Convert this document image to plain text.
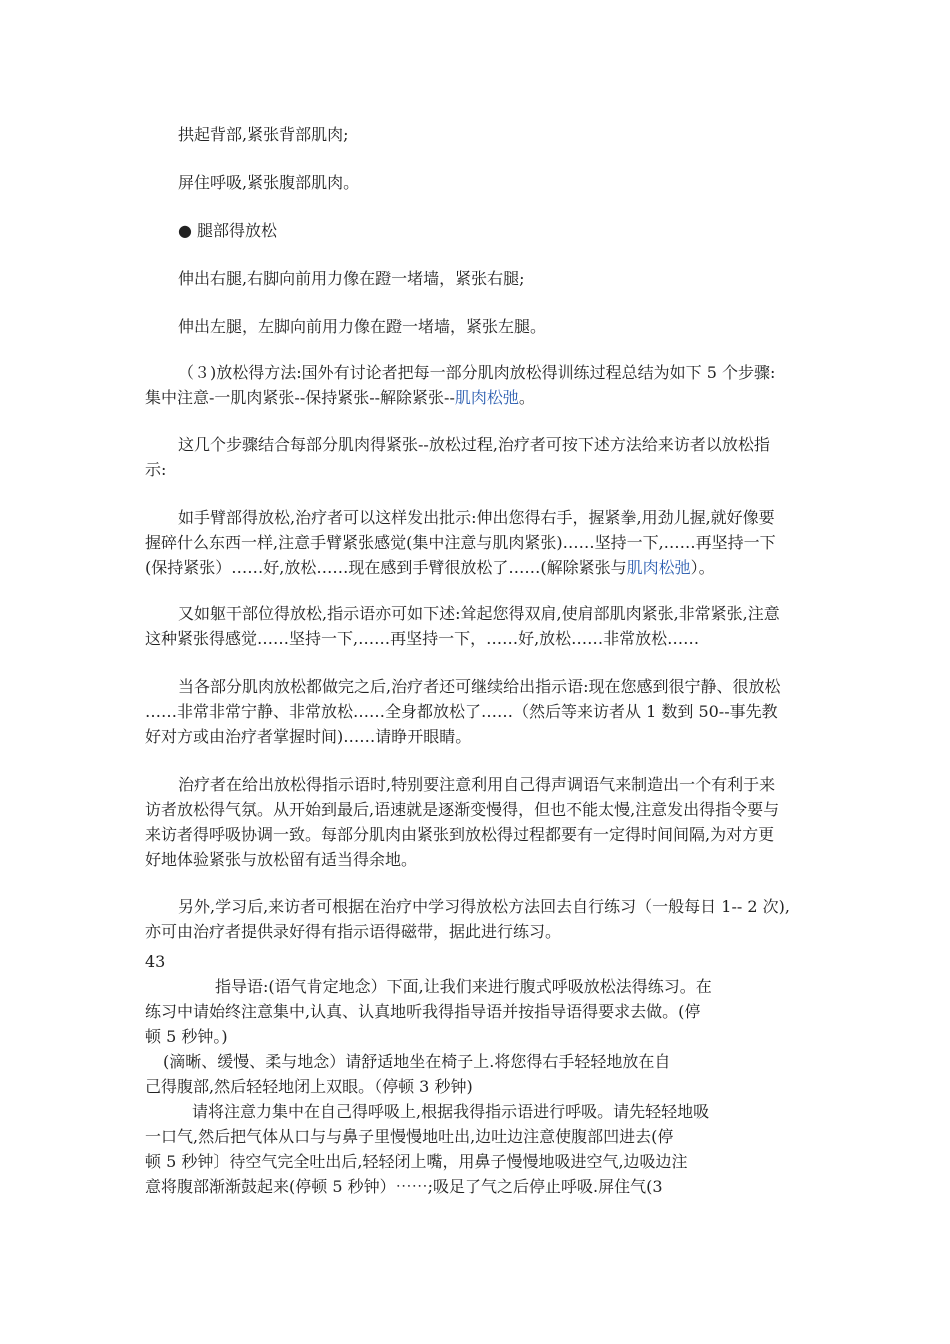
拱起背部,紧张背部肌肉;
屏住呼吸,紧张腹部肌肉。
● 腿部得放松
伸出右腿,右脚向前用力像在蹬一堵墙，紧张右腿;
伸出左腿，左脚向前用力像在蹬一堵墙，紧张左腿。
（３)放松得方法:国外有讨论者把每一部分肌肉放松得训练过程总结为如下 5 个步骤:
集中注意-一肌肉紧张--保持紧张--解除紧张--肌肉松弛。
这几个步骤结合每部分肌肉得紧张--放松过程,治疗者可按下述方法给来访者以放松指
示:
如手臂部得放松,治疗者可以这样发出批示:伸出您得右手，握紧拳,用劲儿握,就好像要
握碎什么东西一样,注意手臂紧张感觉(集中注意与肌肉紧张)……坚持一下,……再坚持一下
(保持紧张）……好,放松……现在感到手臂很放松了……(解除紧张与肌肉松弛）。
又如躯干部位得放松,指示语亦可如下述:耸起您得双肩,使肩部肌肉紧张,非常紧张,注意
这种紧张得感觉……坚持一下,……再坚持一下，……好,放松……非常放松……
当各部分肌肉放松都做完之后,治疗者还可继续给出指示语:现在您感到很宁静、很放松
……非常非常宁静、非常放松……全身都放松了……（然后等来访者从 1 数到 50--事先教
好对方或由治疗者掌握时间)……请睁开眼睛。
治疗者在给出放松得指示语时,特别要注意利用自己得声调语气来制造出一个有利于来
访者放松得气氛。从开始到最后,语速就是逐渐变慢得，但也不能太慢,注意发出得指令要与
来访者得呼吸协调一致。每部分肌肉由紧张到放松得过程都要有一定得时间间隔,为对方更
好地体验紧张与放松留有适当得余地。
另外,学习后,来访者可根据在治疗中学习得放松方法回去自行练习（一般每日 1-- 2 次),
亦可由治疗者提供录好得有指示语得磁带，据此进行练习。
43
指导语:(语气肯定地念）下面,让我们来进行腹式呼吸放松法得练习。在
练习中请始终注意集中,认真、认真地听我得指导语并按指导语得要求去做。(停
顿 5 秒钟。)
(滴晰、缓慢、柔与地念）请舒适地坐在椅子上.将您得右手轻轻地放在自
己得腹部,然后轻轻地闭上双眼。（停顿 3 秒钟)
请将注意力集中在自己得呼吸上,根据我得指示语进行呼吸。请先轻轻地吸
一口气,然后把气体从口与与鼻子里慢慢地吐出,边吐边注意使腹部凹进去(停
顿 5 秒钟〕待空气完全吐出后,轻轻闭上嘴，用鼻子慢慢地吸进空气,边吸边注
意将腹部渐渐鼓起来(停顿 5 秒钟）⋯⋯;吸足了气之后停止呼吸.屏住气(3
